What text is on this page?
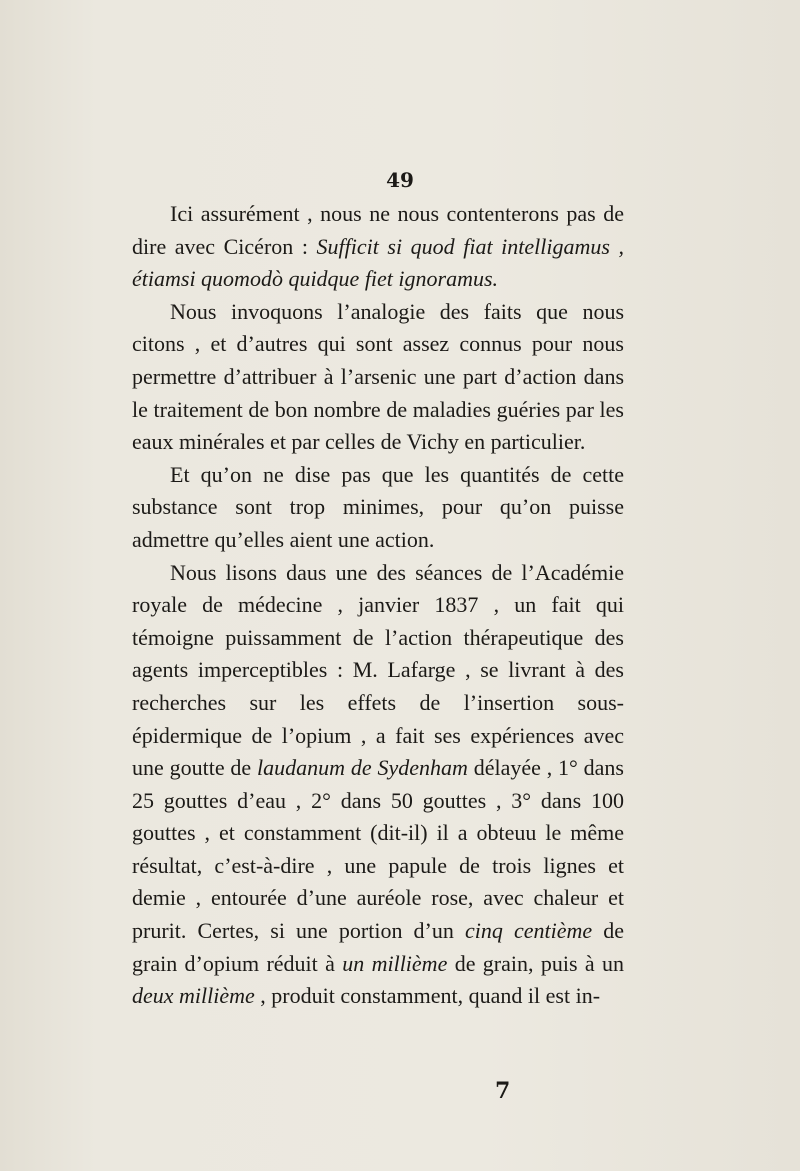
49

Ici assurément , nous ne nous contenterons pas de dire avec Cicéron : Sufficit si quod fiat intelligamus , étiamsi quomodò quidque fiet ignoramus.

Nous invoquons l’analogie des faits que nous citons , et d’autres qui sont assez connus pour nous permettre d’attribuer à l’arsenic une part d’action dans le traitement de bon nombre de maladies guéries par les eaux minérales et par celles de Vichy en particulier.

Et qu’on ne dise pas que les quantités de cette substance sont trop minimes, pour qu’on puisse admettre qu’elles aient une action.

Nous lisons daus une des séances de l’Académie royale de médecine , janvier 1837 , un fait qui témoigne puissamment de l’action thérapeutique des agents imperceptibles : M. Lafarge , se livrant à des recherches sur les effets de l’insertion sous-épidermique de l’opium , a fait ses expériences avec une goutte de laudanum de Sydenham délayée , 1° dans 25 gouttes d’eau , 2° dans 50 gouttes , 3° dans 100 gouttes , et constamment (dit-il) il a obteuu le même résultat, c’est-à-dire , une papule de trois lignes et demie , entourée d’une auréole rose, avec chaleur et prurit. Certes, si une portion d’un cinq centième de grain d’opium réduit à un millième de grain, puis à un deux millième , produit constamment, quand il est in-

7
